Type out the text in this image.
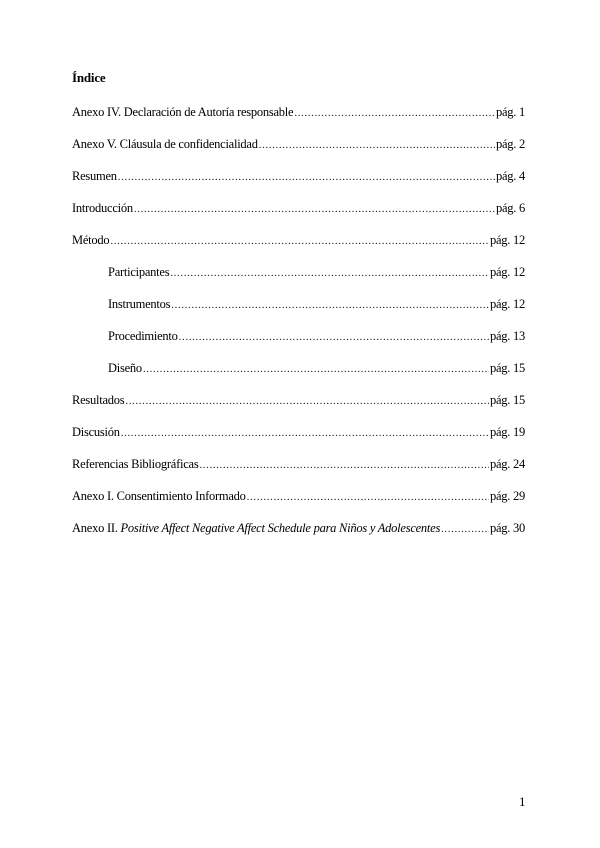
Índice
Anexo IV. Declaración de Autoría responsable .....	pág. 1
Anexo V. Cláusula de confidencialidad .....	pág. 2
Resumen .....	pág. 4
Introducción .....	pág. 6
Método .....	pág. 12
Participantes .....	pág. 12
Instrumentos .....	pág. 12
Procedimiento .....	pág. 13
Diseño .....	pág. 15
Resultados .....	pág. 15
Discusión .....	pág. 19
Referencias Bibliográficas .....	pág. 24
Anexo I. Consentimiento Informado .....	pág. 29
Anexo II. Positive Affect Negative Affect Schedule para Niños y Adolescentes .....	pág. 30
1
